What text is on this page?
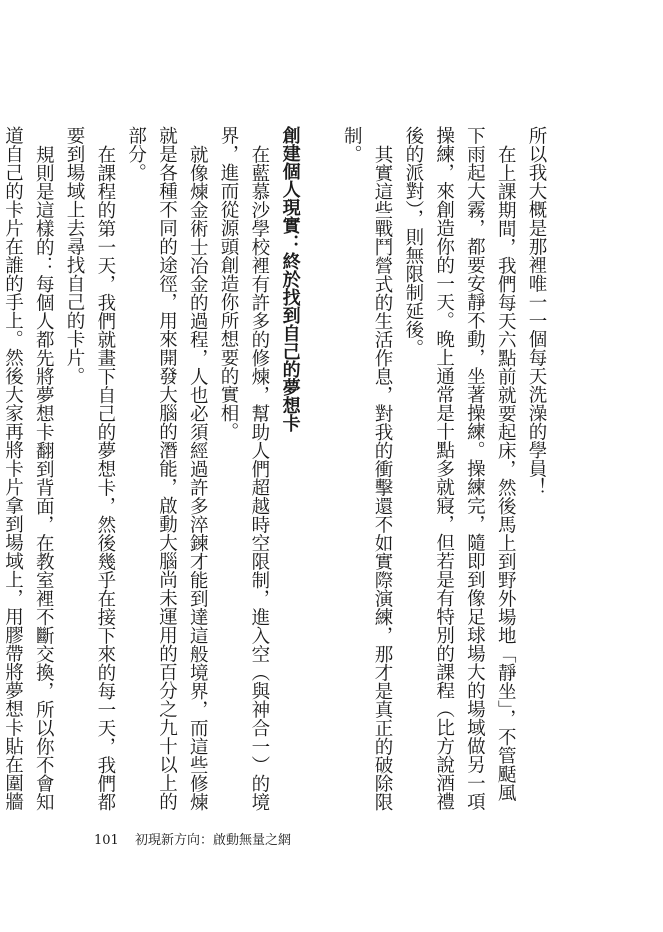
所以我大概是那裡唯一一個每天洗澡的學員！

在上課期間，我們每天六點前就要起床，然後馬上到野外場地「靜坐」，不管颳風下雨起大霧，都要安靜不動，坐著操練。操練完，隨即到像足球場大的場域做另一項操練，來創造你的一天。晚上通常是十點多就寢，但若是有特別的課程（比方說酒禮後的派對），則無限制延後。

其實這些戰鬥營式的生活作息，對我的衝擊還不如實際演練，那才是真正的破除限制。

創建個人現實：終於找到自己的夢想卡

在藍慕沙學校裡有許多的修煉，幫助人們超越時空限制，進入空（與神合一）的境界，進而從源頭創造你所想要的實相。

就像煉金術士冶金的過程，人也必須經過許多淬鍊才能到達這般境界，而這些修煉就是各種不同的途徑，用來開發大腦的潛能，啟動大腦尚未運用的百分之九十以上的部分。

在課程的第一天，我們就畫下自己的夢想卡，然後幾乎在接下來的每一天，我們都要到場域上去尋找自己的卡片。

規則是這樣的：每個人都先將夢想卡翻到背面，在教室裡不斷交換，所以你不會知道自己的卡片在誰的手上。然後大家再將卡片拿到場域上，用膠帶將夢想卡貼在圍牆

101 初現新方向：啟動無量之網
